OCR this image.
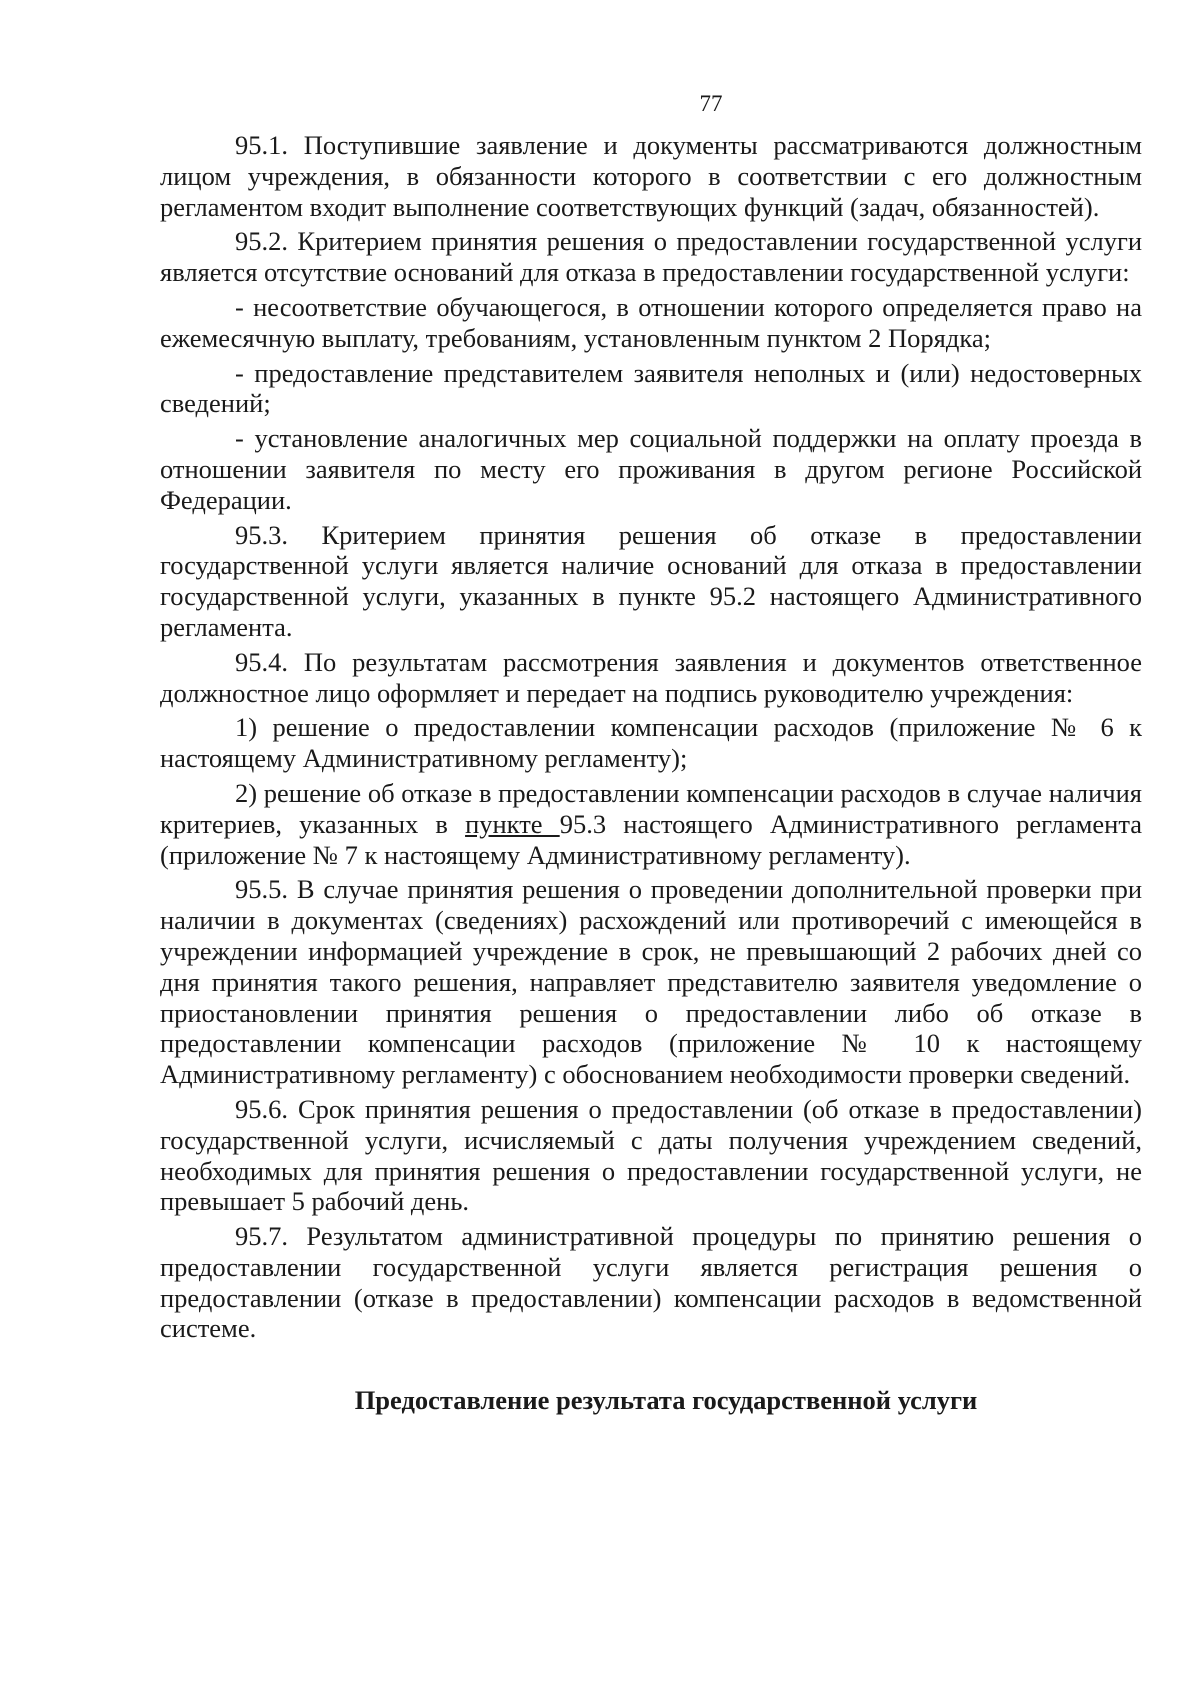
77

95.1. Поступившие заявление и документы рассматриваются должностным лицом учреждения, в обязанности которого в соответствии с его должностным регламентом входит выполнение соответствующих функций (задач, обязанностей).

95.2. Критерием принятия решения о предоставлении государственной услуги является отсутствие оснований для отказа в предоставлении государственной услуги:

- несоответствие обучающегося, в отношении которого определяется право на ежемесячную выплату, требованиям, установленным пунктом 2 Порядка;

- предоставление представителем заявителя неполных и (или) недостоверных сведений;

- установление аналогичных мер социальной поддержки на оплату проезда в отношении заявителя по месту его проживания в другом регионе Российской Федерации.

95.3. Критерием принятия решения об отказе в предоставлении государственной услуги является наличие оснований для отказа в предоставлении государственной услуги, указанных в пункте 95.2 настоящего Административного регламента.

95.4. По результатам рассмотрения заявления и документов ответственное должностное лицо оформляет и передает на подпись руководителю учреждения:

1) решение о предоставлении компенсации расходов (приложение № 6 к настоящему Административному регламенту);

2) решение об отказе в предоставлении компенсации расходов в случае наличия критериев, указанных в пункте 95.3 настоящего Административного регламента (приложение № 7 к настоящему Административному регламенту).

95.5. В случае принятия решения о проведении дополнительной проверки при наличии в документах (сведениях) расхождений или противоречий с имеющейся в учреждении информацией учреждение в срок, не превышающий 2 рабочих дней со дня принятия такого решения, направляет представителю заявителя уведомление о приостановлении принятия решения о предоставлении либо об отказе в предоставлении компенсации расходов (приложение № 10 к настоящему Административному регламенту) с обоснованием необходимости проверки сведений.

95.6. Срок принятия решения о предоставлении (об отказе в предоставлении) государственной услуги, исчисляемый с даты получения учреждением сведений, необходимых для принятия решения о предоставлении государственной услуги, не превышает 5 рабочий день.

95.7. Результатом административной процедуры по принятию решения о предоставлении государственной услуги является регистрация решения о предоставлении (отказе в предоставлении) компенсации расходов в ведомственной системе.

Предоставление результата государственной услуги
